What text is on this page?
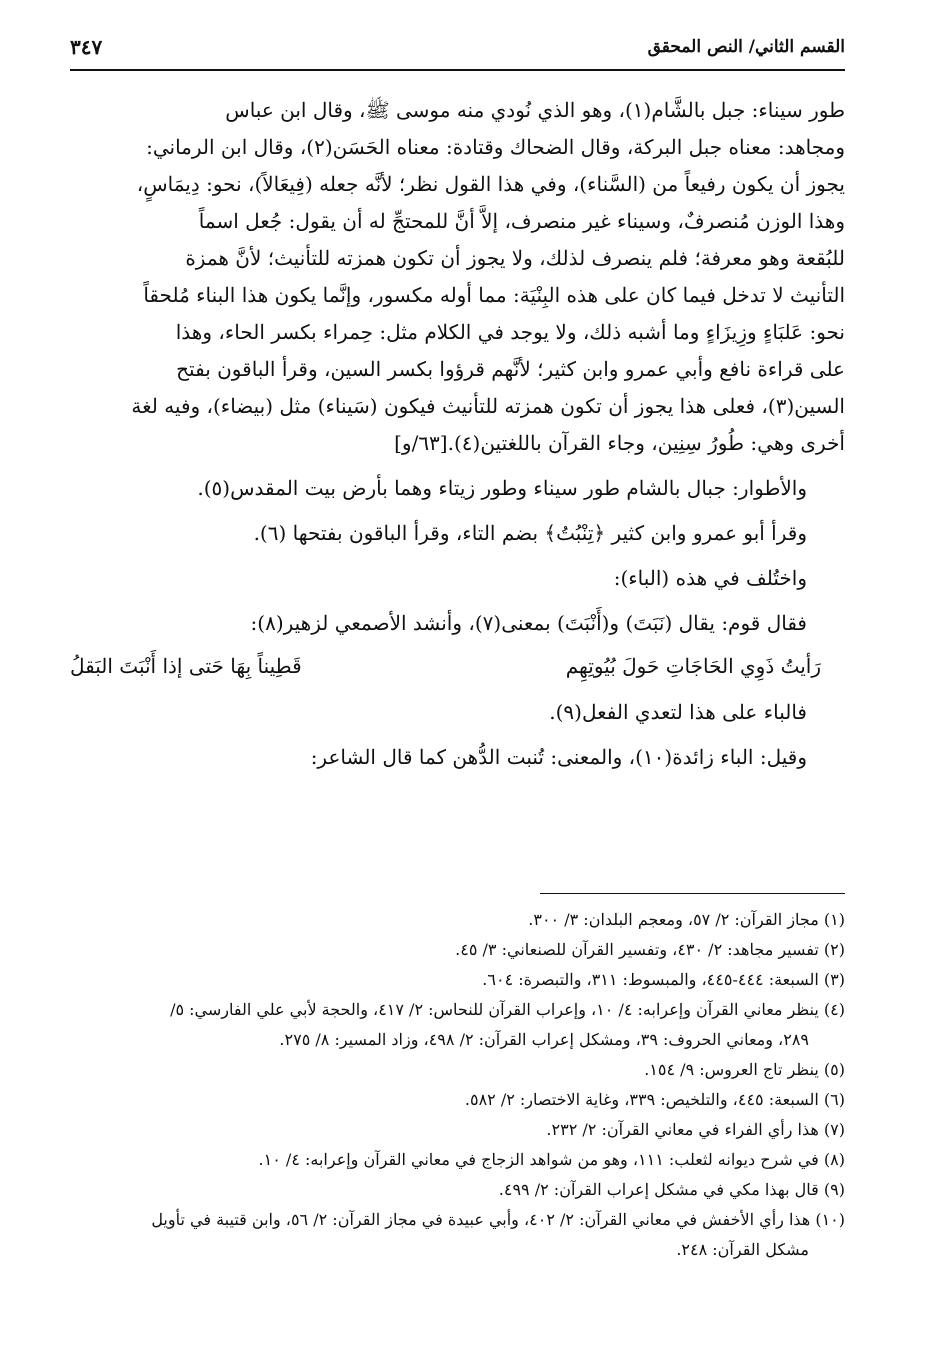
القسم الثاني/ النص المحقق
٣٤٧

طور سيناء: جبل بالشَّام(١)، وهو الذي نُودي منه موسى ﷺ، وقال ابن عباس

ومجاهد: معناه جبل البركة، وقال الضحاك وقتادة: معناه الحَسَن(٢)، وقال ابن الرماني:

يجوز أن يكون رفيعاً من (السَّناء)، وفي هذا القول نظر؛ لأنَّه جعله (فِيعَالاً)، نحو: دِيمَاسٍ،

وهذا الوزن مُنصرفٌ، وسيناء غير منصرف، إلاَّ أنَّ للمحتجِّ له أن يقول: جُعل اسماً

للبُقعة وهو معرفة؛ فلم ينصرف لذلك، ولا يجوز أن تكون همزته للتأنيث؛ لأنَّ همزة

التأنيث لا تدخل فيما كان على هذه البِنْيَة: مما أوله مكسور، وإنَّما يكون هذا البناء مُلحقاً

نحو: عَلبَاءٍ وزِيزَاءٍ وما أشبه ذلك، ولا يوجد في الكلام مثل: حِمراء بكسر الحاء، وهذا

على قراءة نافع وأبي عمرو وابن كثير؛ لأنَّهم قرؤوا بكسر السين، وقرأ الباقون بفتح

السين(٣)، فعلى هذا يجوز أن تكون همزته للتأنيث فيكون (سَيناء) مثل (بيضاء)، وفيه لغة

أخرى وهي: طُورُ سِنِين، وجاء القرآن باللغتين(٤).[٦٣/و]

والأطوار: جبال بالشام طور سيناء وطور زيتاء وهما بأرض بيت المقدس(٥).

وقرأ أبو عمرو وابن كثير ﴿تِنْبُتُ﴾ بضم التاء، وقرأ الباقون بفتحها (٦).

واختُلف في هذه (الباء):

فقال قوم: يقال (نَبَتَ) و(أَنْبَتَ) بمعنى(٧)، وأنشد الأصمعي لزهير(٨):

رَأيتُ ذَوِي الحَاجَاتِ حَولَ بُيُوتِهِم
قَطِيناً بِهَا حَتى إذا أَنْبَتَ البَقلُ

فالباء على هذا لتعدي الفعل(٩).

وقيل: الباء زائدة(١٠)، والمعنى: تُنبت الدُّهن كما قال الشاعر:

(١) مجاز القرآن: ٢/ ٥٧، ومعجم البلدان: ٣/ ٣٠٠.

(٢) تفسير مجاهد: ٢/ ٤٣٠، وتفسير القرآن للصنعاني: ٣/ ٤٥.

(٣) السبعة: ٤٤٤-٤٤٥، والمبسوط: ٣١١، والتبصرة: ٦٠٤.

(٤) ينظر معاني القرآن وإعرابه: ٤/ ١٠، وإعراب القرآن للنحاس: ٢/ ٤١٧، والحجة لأبي علي الفارسي: ٥/

٢٨٩، ومعاني الحروف: ٣٩، ومشكل إعراب القرآن: ٢/ ٤٩٨، وزاد المسير: ٨/ ٢٧٥.

(٥) ينظر تاج العروس: ٩/ ١٥٤.

(٦) السبعة: ٤٤٥، والتلخيص: ٣٣٩، وغاية الاختصار: ٢/ ٥٨٢.

(٧) هذا رأي الفراء في معاني القرآن: ٢/ ٢٣٢.

(٨) في شرح ديوانه لثعلب: ١١١، وهو من شواهد الزجاج في معاني القرآن وإعرابه: ٤/ ١٠.

(٩) قال بهذا مكي في مشكل إعراب القرآن: ٢/ ٤٩٩.

(١٠) هذا رأي الأخفش في معاني القرآن: ٢/ ٤٠٢، وأبي عبيدة في مجاز القرآن: ٢/ ٥٦، وابن قتيبة في تأويل

مشكل القرآن: ٢٤٨.
